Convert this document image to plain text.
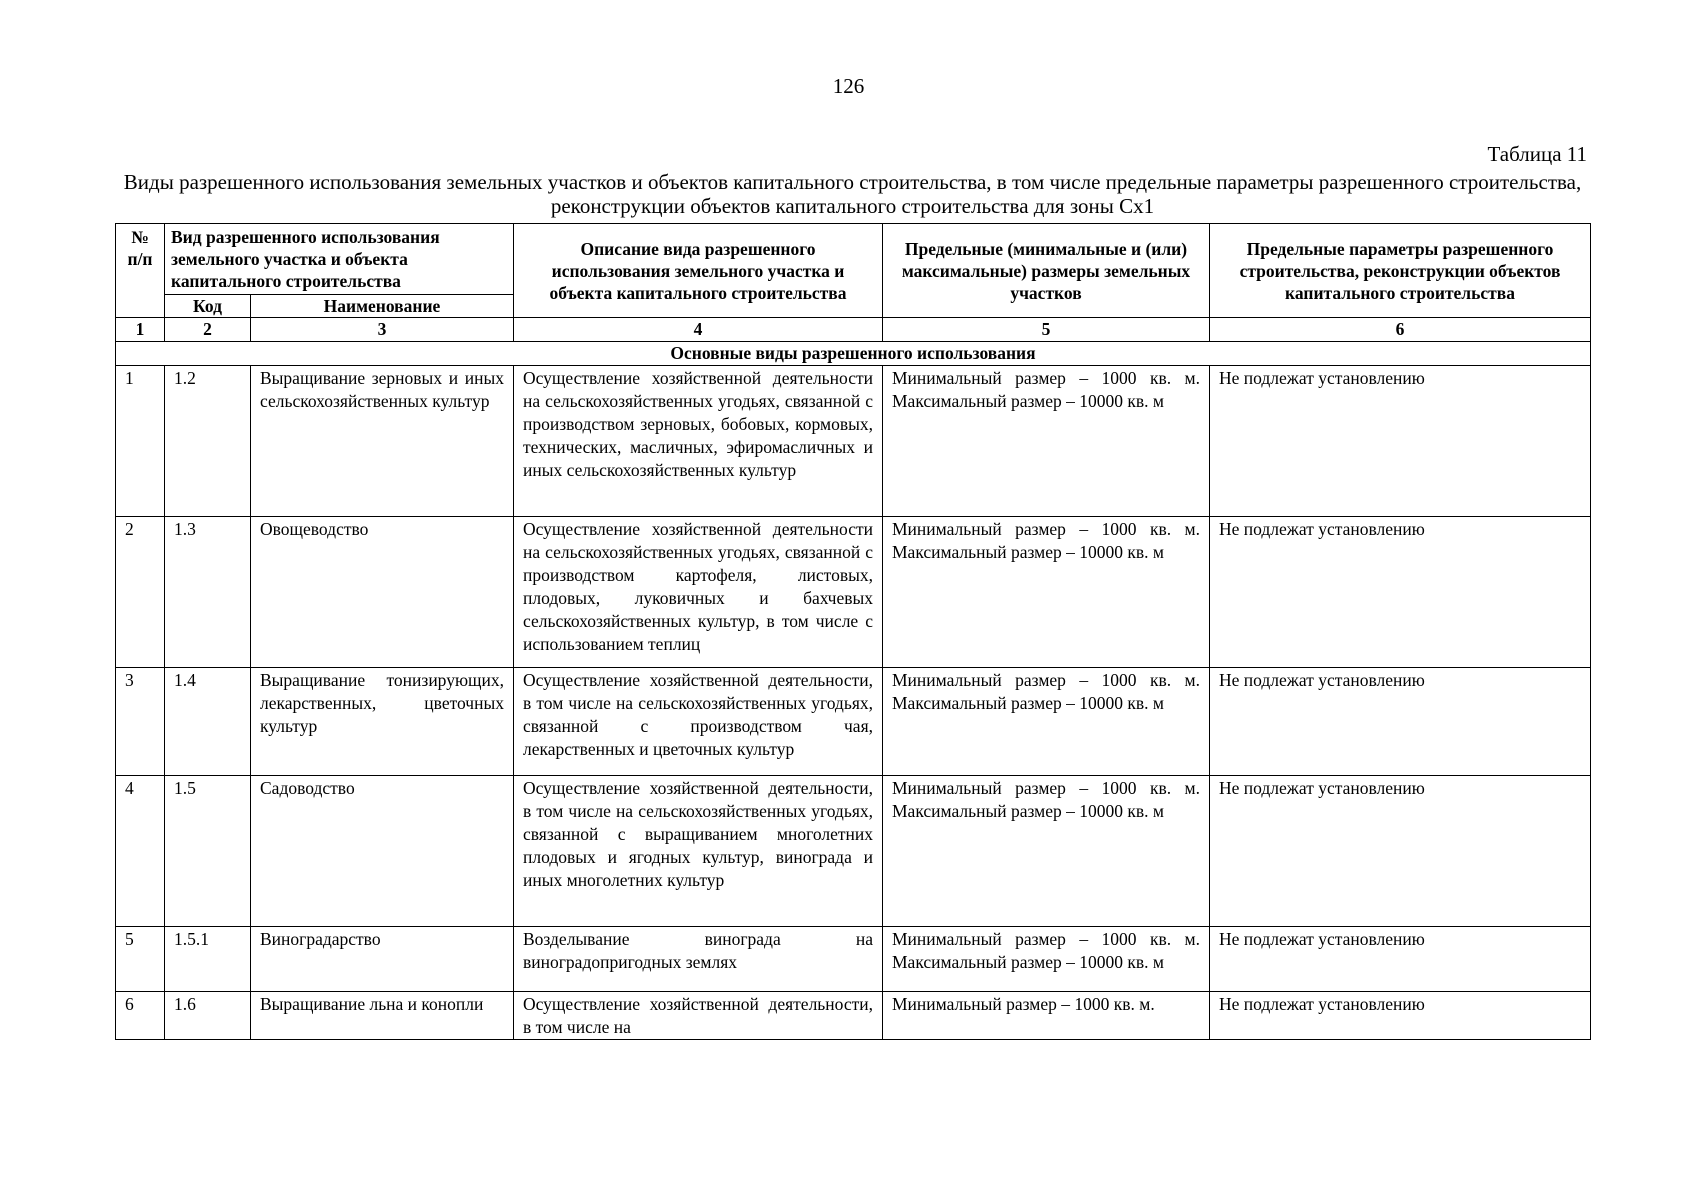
126
Таблица 11
Виды разрешенного использования земельных участков и объектов капитального строительства, в том числе предельные параметры разрешенного строительства, реконструкции объектов капитального строительства для зоны Сх1
№ п/п	Вид разрешенного использования земельного участка и объекта капитального строительства		Описание вида разрешенного использования земельного участка и объекта капитального строительства	Предельные (минимальные и (или) максимальные) размеры земельных участков	Предельные параметры разрешенного строительства, реконструкции объектов капитального строительства
	Код	Наименование			
1	2	3	4	5	6
Основные виды разрешенного использования					
1	1.2	Выращивание зерновых и иных сельскохозяйственных культур	Осуществление хозяйственной деятельности на сельскохозяйственных угодьях, связанной с производством зерновых, бобовых, кормовых, технических, масличных, эфиромасличных и иных сельскохозяйственных культур	Минимальный размер – 1000 кв. м. Максимальный размер – 10000 кв. м	Не подлежат установлению
2	1.3	Овощеводство	Осуществление хозяйственной деятельности на сельскохозяйственных угодьях, связанной с производством картофеля, листовых, плодовых, луковичных и бахчевых сельскохозяйственных культур, в том числе с использованием теплиц	Минимальный размер – 1000 кв. м. Максимальный размер – 10000 кв. м	Не подлежат установлению
3	1.4	Выращивание тонизирующих, лекарственных, цветочных культур	Осуществление хозяйственной деятельности, в том числе на сельскохозяйственных угодьях, связанной с производством чая, лекарственных и цветочных культур	Минимальный размер – 1000 кв. м. Максимальный размер – 10000 кв. м	Не подлежат установлению
4	1.5	Садоводство	Осуществление хозяйственной деятельности, в том числе на сельскохозяйственных угодьях, связанной с выращиванием многолетних плодовых и ягодных культур, винограда и иных многолетних культур	Минимальный размер – 1000 кв. м. Максимальный размер – 10000 кв. м	Не подлежат установлению
5	1.5.1	Виноградарство	Возделывание винограда на виноградопригодных землях	Минимальный размер – 1000 кв. м. Максимальный размер – 10000 кв. м	Не подлежат установлению
6	1.6	Выращивание льна и конопли	Осуществление хозяйственной деятельности, в том числе на	Минимальный размер – 1000 кв. м.	Не подлежат установлению
